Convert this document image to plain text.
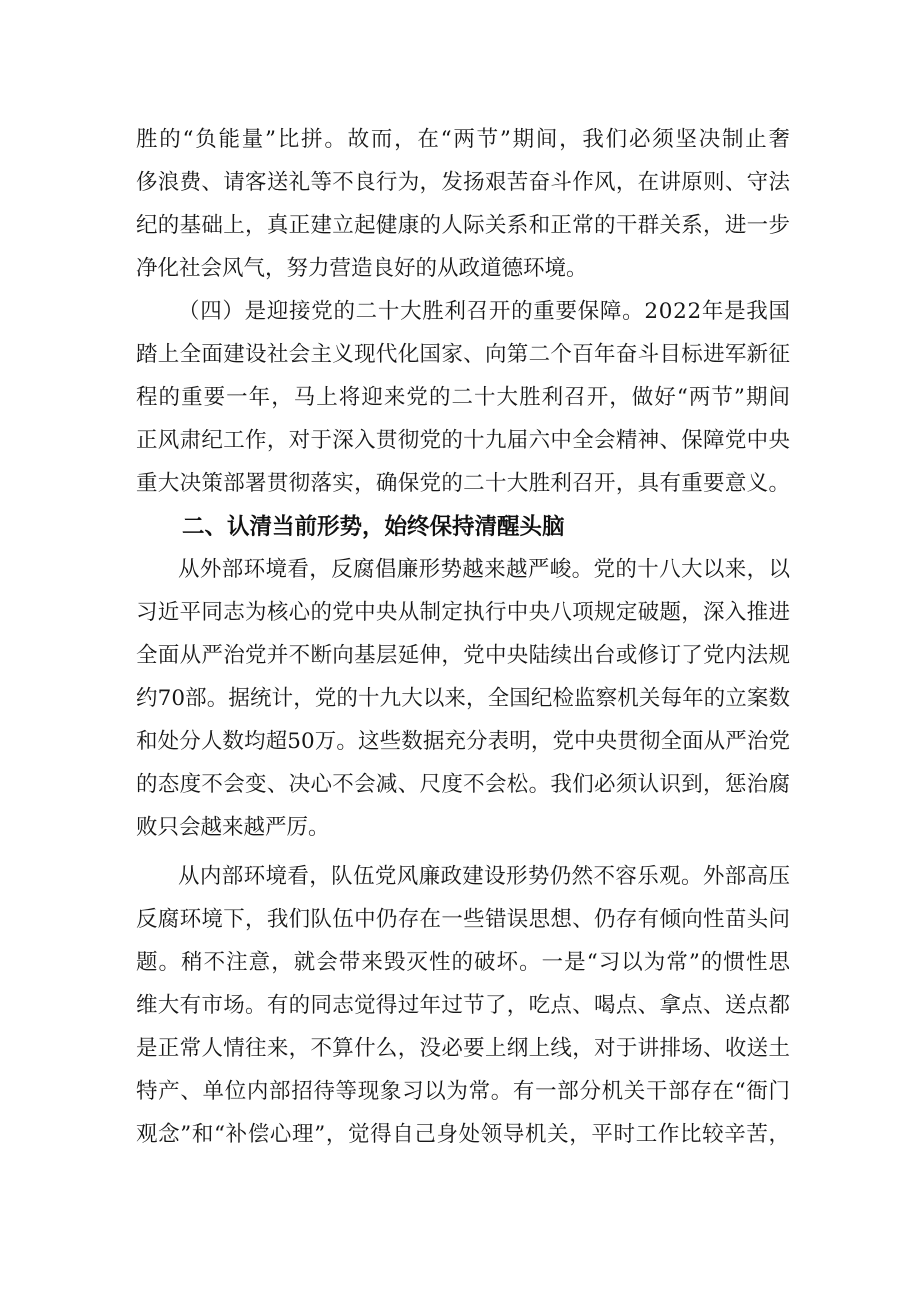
胜的“负能量”比拼。故而，在“两节”期间，我们必须坚决制止奢
侈浪费、请客送礼等不良行为，发扬艰苦奋斗作风，在讲原则、守法
纪的基础上，真正建立起健康的人际关系和正常的干群关系，进一步
净化社会风气，努力营造良好的从政道德环境。
（四）是迎接党的二十大胜利召开的重要保障。2022年是我国
踏上全面建设社会主义现代化国家、向第二个百年奋斗目标进军新征
程的重要一年，马上将迎来党的二十大胜利召开，做好“两节”期间
正风肃纪工作，对于深入贯彻党的十九届六中全会精神、保障党中央
重大决策部署贯彻落实，确保党的二十大胜利召开，具有重要意义。
二、认清当前形势，始终保持清醒头脑
从外部环境看，反腐倡廉形势越来越严峻。党的十八大以来，以
习近平同志为核心的党中央从制定执行中央八项规定破题，深入推进
全面从严治党并不断向基层延伸，党中央陆续出台或修订了党内法规
约70部。据统计，党的十九大以来，全国纪检监察机关每年的立案数
和处分人数均超50万。这些数据充分表明，党中央贯彻全面从严治党
的态度不会变、决心不会减、尺度不会松。我们必须认识到，惩治腐
败只会越来越严厉。
从内部环境看，队伍党风廉政建设形势仍然不容乐观。外部高压
反腐环境下，我们队伍中仍存在一些错误思想、仍存有倾向性苗头问
题。稍不注意，就会带来毁灭性的破坏。一是“习以为常”的惯性思
维大有市场。有的同志觉得过年过节了，吃点、喝点、拿点、送点都
是正常人情往来，不算什么，没必要上纲上线，对于讲排场、收送土
特产、单位内部招待等现象习以为常。有一部分机关干部存在“衙门
观念”和“补偿心理”，觉得自己身处领导机关，平时工作比较辛苦，
